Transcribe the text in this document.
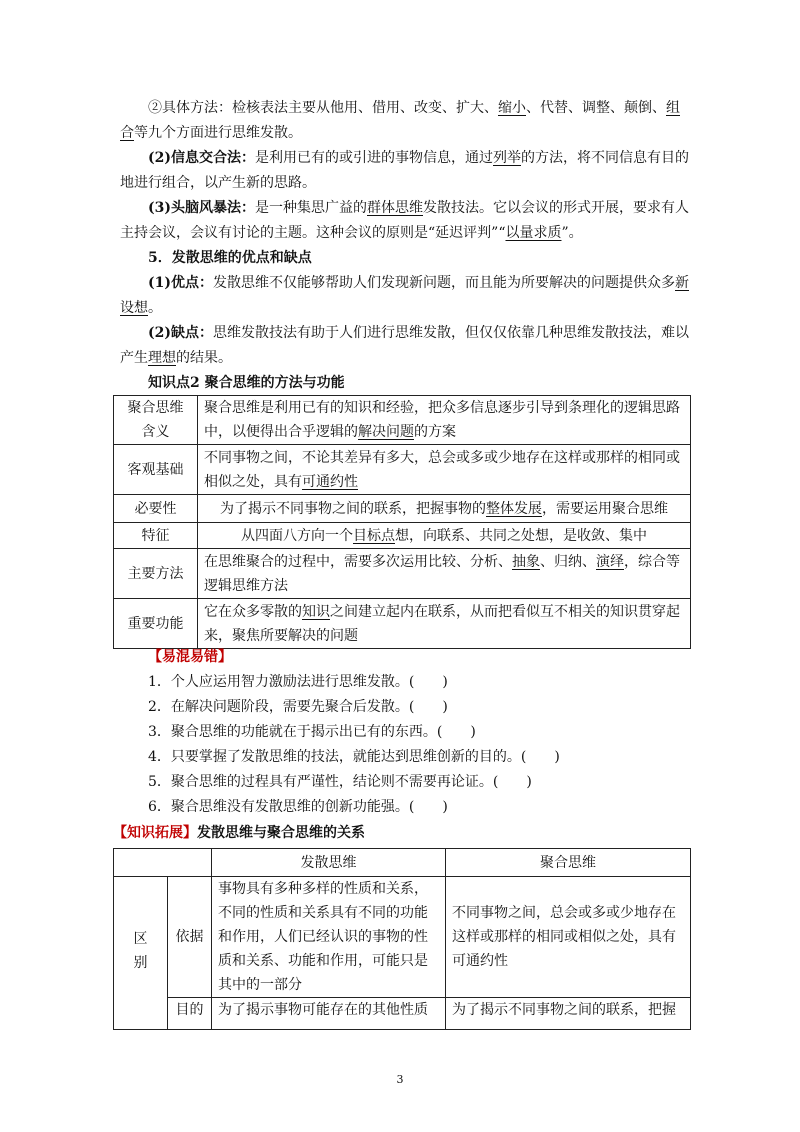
②具体方法：检核表法主要从他用、借用、改变、扩大、缩小、代替、调整、颠倒、组合等九个方面进行思维发散。

(2)信息交合法：是利用已有的或引进的事物信息，通过列举的方法，将不同信息有目的地进行组合，以产生新的思路。

(3)头脑风暴法：是一种集思广益的群体思维发散技法。它以会议的形式开展，要求有人主持会议，会议有讨论的主题。这种会议的原则是“延迟评判”“以量求质”。

5．发散思维的优点和缺点

(1)优点：发散思维不仅能够帮助人们发现新问题，而且能为所要解决的问题提供众多新设想。

(2)缺点：思维发散技法有助于人们进行思维发散，但仅仅依靠几种思维发散技法，难以产生理想的结果。

知识点2 聚合思维的方法与功能

聚合思维
含义	聚合思维是利用已有的知识和经验，把众多信息逐步引导到条理化的逻辑思路中，以便得出合乎逻辑的解决问题的方案
客观基础	不同事物之间，不论其差异有多大，总会或多或少地存在这样或那样的相同或相似之处，具有可通约性
必要性	为了揭示不同事物之间的联系，把握事物的整体发展，需要运用聚合思维
特征	从四面八方向一个目标点想，向联系、共同之处想，是收敛、集中
主要方法	在思维聚合的过程中，需要多次运用比较、分析、抽象、归纳、演绎，综合等逻辑思维方法
重要功能	它在众多零散的知识之间建立起内在联系，从而把看似互不相关的知识贯穿起来，聚焦所要解决的问题

【易混易错】

1．个人应运用智力激励法进行思维发散。(　　)

2．在解决问题阶段，需要先聚合后发散。(　　)

3．聚合思维的功能就在于揭示出已有的东西。(　　)

4．只要掌握了发散思维的技法，就能达到思维创新的目的。(　　)

5．聚合思维的过程具有严谨性，结论则不需要再论证。(　　)

6．聚合思维没有发散思维的创新功能强。(　　)

【知识拓展】发散思维与聚合思维的关系

		发散思维	聚合思维
区
别	依据	事物具有多种多样的性质和关系，不同的性质和关系具有不同的功能和作用，人们已经认识的事物的性质和关系、功能和作用，可能只是其中的一部分	不同事物之间，总会或多或少地存在这样或那样的相同或相似之处，具有可通约性
	目的	为了揭示事物可能存在的其他性质	为了揭示不同事物之间的联系，把握
3
